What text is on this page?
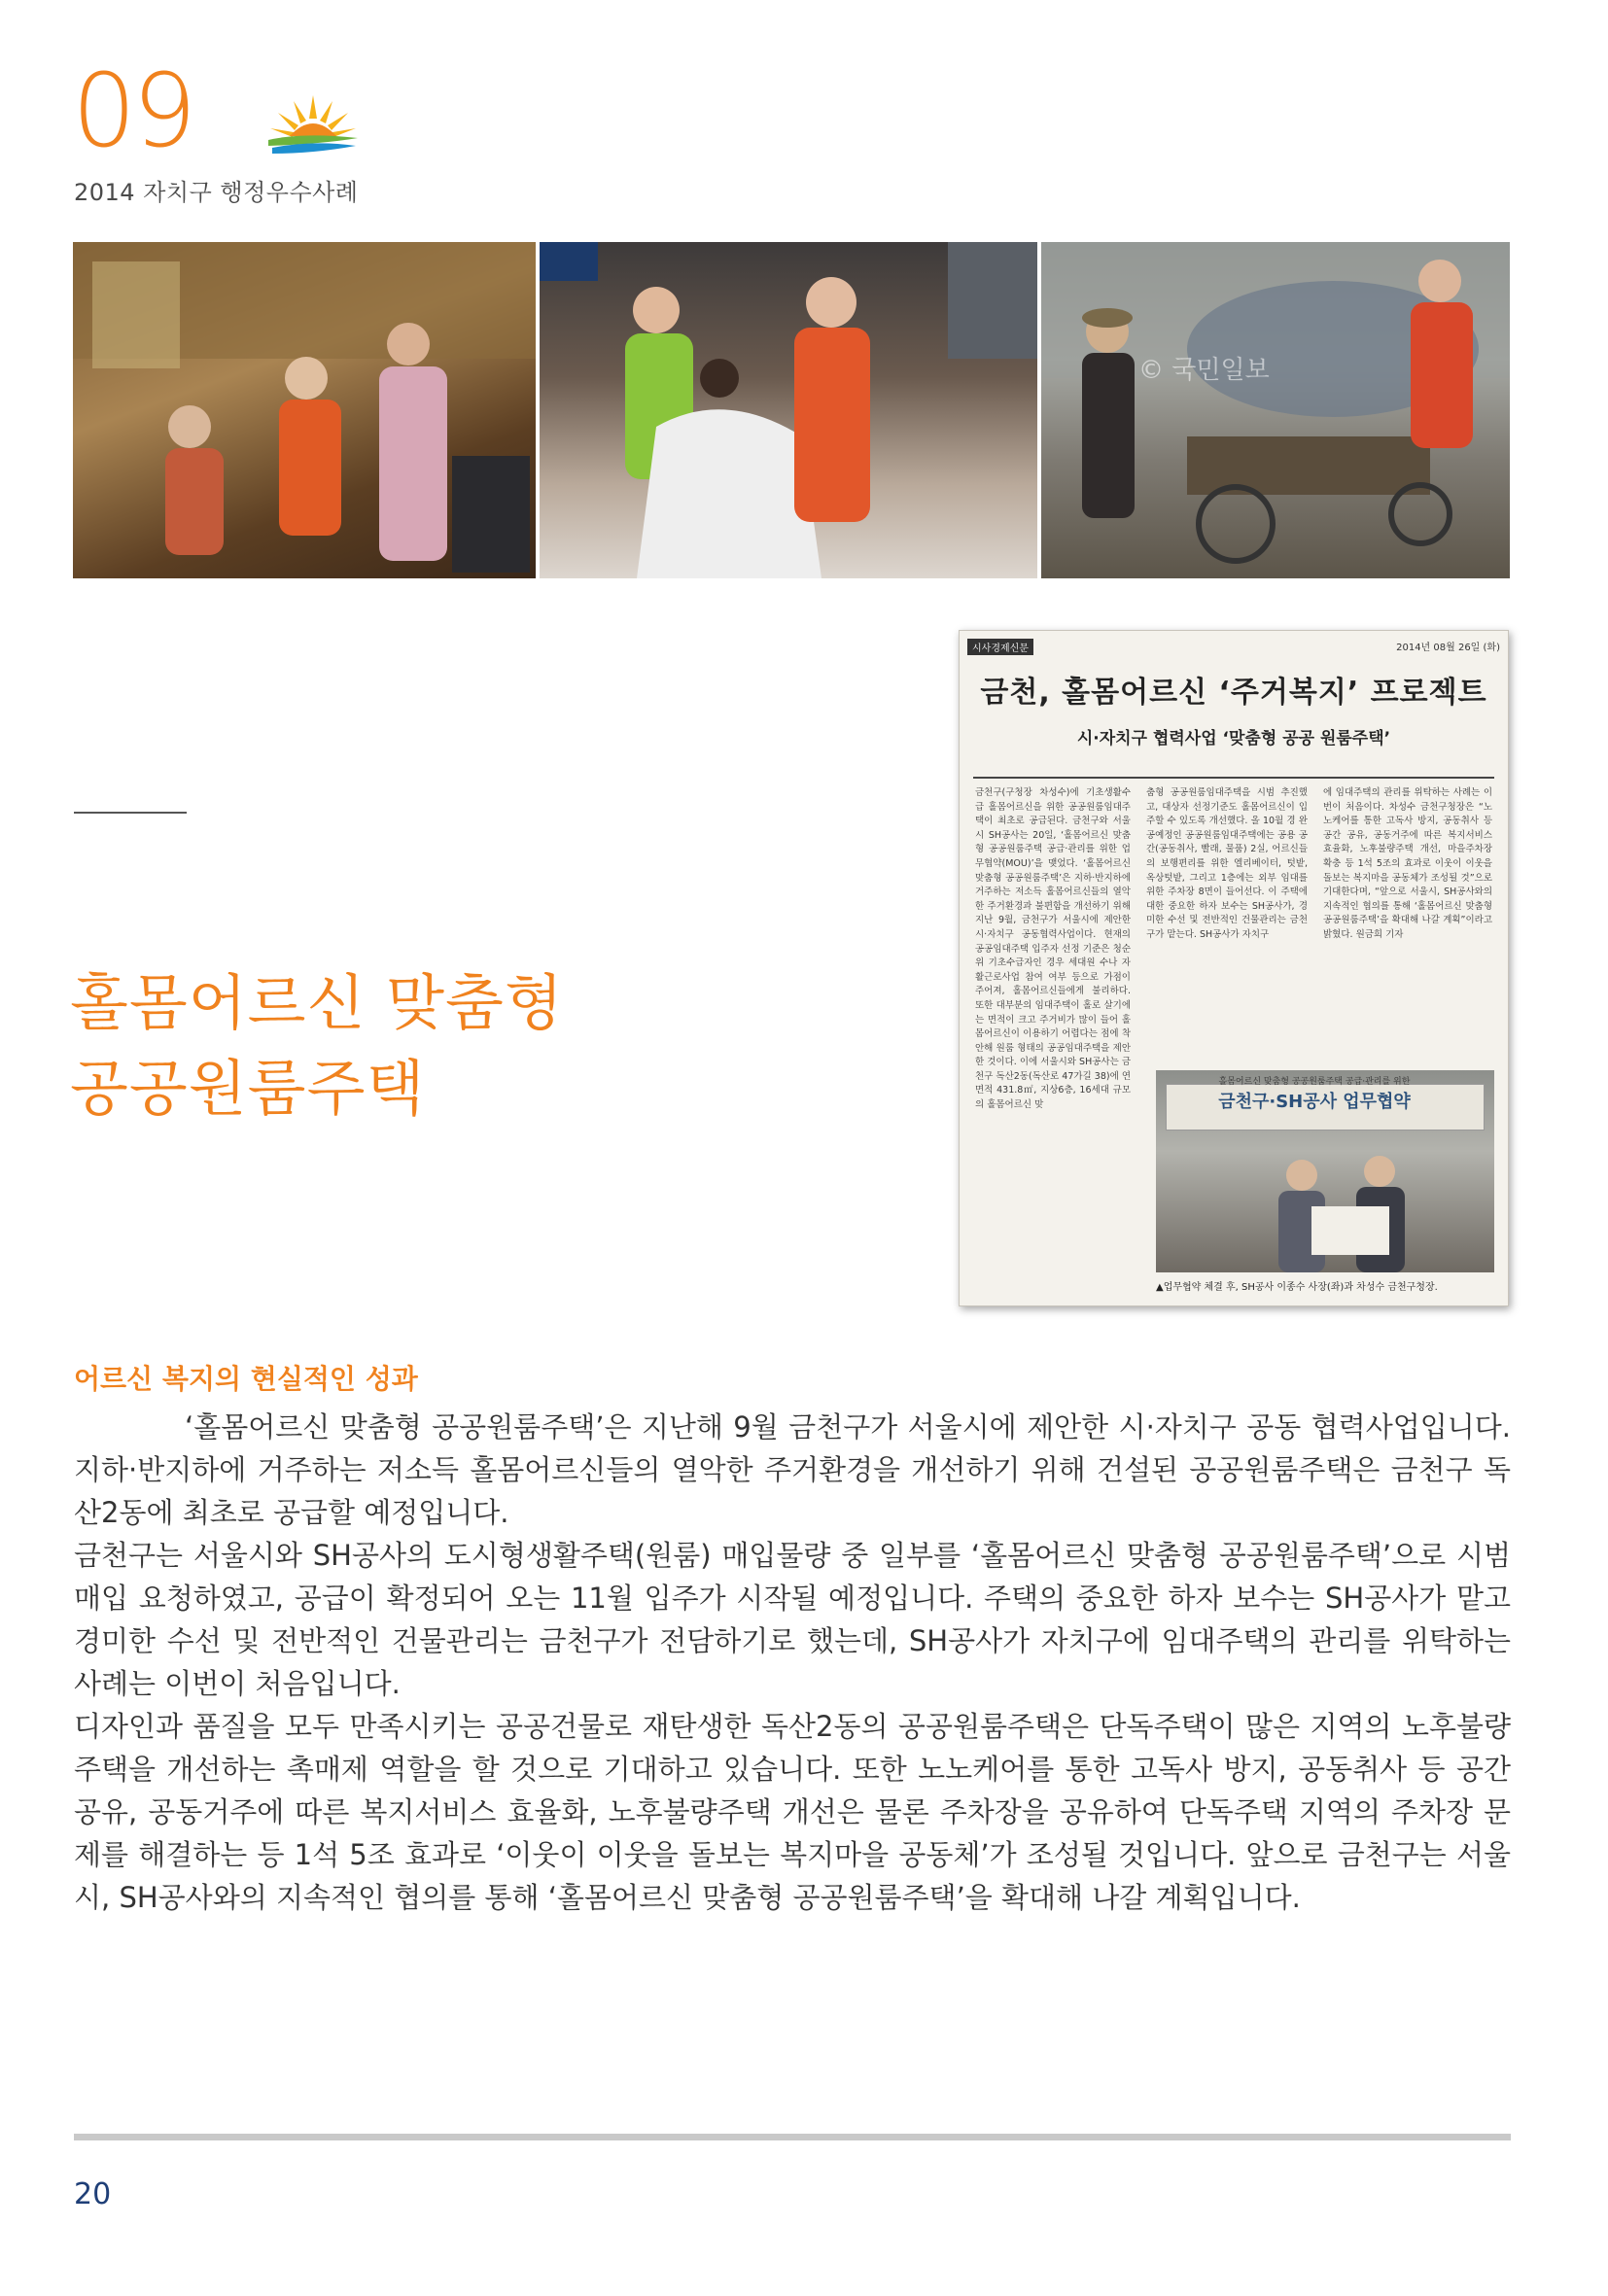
09
2014 자치구 행정우수사례
© 국민일보
홀몸어르신 맞춤형
공공원룸주택
시사경제신문	2014년 08월 26일 (화)
금천, 홀몸어르신 ‘주거복지’ 프로젝트
시·자치구 협력사업 ‘맞춤형 공공 원룸주택’
금천구(구청장 차성수)에 기초생활수급 홀몸어르신을 위한 공공원룸임대주택이 최초로 공급된다. 금천구와 서울시 SH공사는 20일, ‘홀몸어르신 맞춤형 공공원룸주택 공급·관리를 위한 업무협약(MOU)’을 맺었다. ‘홀몸어르신 맞춤형 공공원룸주택’은 지하·반지하에 거주하는 저소득 홀몸어르신들의 열악한 주거환경과 불편함을 개선하기 위해 지난 9월, 금천구가 서울시에 제안한 시·자치구 공동협력사업이다. 현재의 공공임대주택 입주자 선정 기준은 청순위 기초수급자인 경우 세대원 수나 자활근로사업 참여 여부 등으로 가점이 주어져, 홀몸어르신들에게 불리하다. 또한 대부분의 임대주택이 홀로 살기에는 면적이 크고 주거비가 많이 들어 홀몸어르신이 이용하기 어렵다는 점에 착안해 원룸 형태의 공공임대주택을 제안한 것이다. 이에 서울시와 SH공사는 금천구 독산2동(독산로 47가길 38)에 연면적 431.8㎡, 지상6층, 16세대 규모의 홀몸어르신 맞
춤형 공공원룸임대주택을 시범 추진했고, 대상자 선정기준도 홀몸어르신이 입주할 수 있도록 개선했다. 올 10월 경 완공예정인 공공원룸임대주택에는 공용 공간(공동취사, 빨래, 물품) 2실, 어르신들의 보행편리를 위한 엘리베이터, 텃밭, 옥상텃밭, 그리고 1층에는 외부 임대를 위한 주차장 8면이 들어선다. 이 주택에 대한 중요한 하자 보수는 SH공사가, 경미한 수선 및 전반적인 건물관리는 금천구가 맡는다. SH공사가 자치구
에 임대주택의 관리를 위탁하는 사례는 이번이 처음이다. 차성수 금천구청장은 “노노케어를 통한 고독사 방지, 공동취사 등 공간 공유, 공동거주에 따른 복지서비스 효율화, 노후불량주택 개선, 마을주차장 확충 등 1석 5조의 효과로 이웃이 이웃을 돌보는 복지마을 공동체가 조성될 것”으로 기대한다며, “앞으로 서울시, SH공사와의 지속적인 협의를 통해 ‘홀몸어르신 맞춤형 공공원룸주택’을 확대해 나갈 계획”이라고 밝혔다. 원금희 기자
홀몸어르신 맞춤형 공공원룸주택 공급·관리를 위한
금천구·SH공사 업무협약
▲업무협약 체결 후, SH공사 이종수 사장(좌)과 차성수 금천구청장.
어르신 복지의 현실적인 성과

‘홀몸어르신 맞춤형 공공원룸주택’은 지난해 9월 금천구가 서울시에 제안한 시·자치구 공동 협력사업입니다. 지하·반지하에 거주하는 저소득 홀몸어르신들의 열악한 주거환경을 개선하기 위해 건설된 공공원룸주택은 금천구 독산2동에 최초로 공급할 예정입니다.

금천구는 서울시와 SH공사의 도시형생활주택(원룸) 매입물량 중 일부를 ‘홀몸어르신 맞춤형 공공원룸주택’으로 시범 매입 요청하였고, 공급이 확정되어 오는 11월 입주가 시작될 예정입니다. 주택의 중요한 하자 보수는 SH공사가 맡고 경미한 수선 및 전반적인 건물관리는 금천구가 전담하기로 했는데, SH공사가 자치구에 임대주택의 관리를 위탁하는 사례는 이번이 처음입니다.

디자인과 품질을 모두 만족시키는 공공건물로 재탄생한 독산2동의 공공원룸주택은 단독주택이 많은 지역의 노후불량주택을 개선하는 촉매제 역할을 할 것으로 기대하고 있습니다. 또한 노노케어를 통한 고독사 방지, 공동취사 등 공간 공유, 공동거주에 따른 복지서비스 효율화, 노후불량주택 개선은 물론 주차장을 공유하여 단독주택 지역의 주차장 문제를 해결하는 등 1석 5조 효과로 ‘이웃이 이웃을 돌보는 복지마을 공동체’가 조성될 것입니다. 앞으로 금천구는 서울시, SH공사와의 지속적인 협의를 통해 ‘홀몸어르신 맞춤형 공공원룸주택’을 확대해 나갈 계획입니다.

20
